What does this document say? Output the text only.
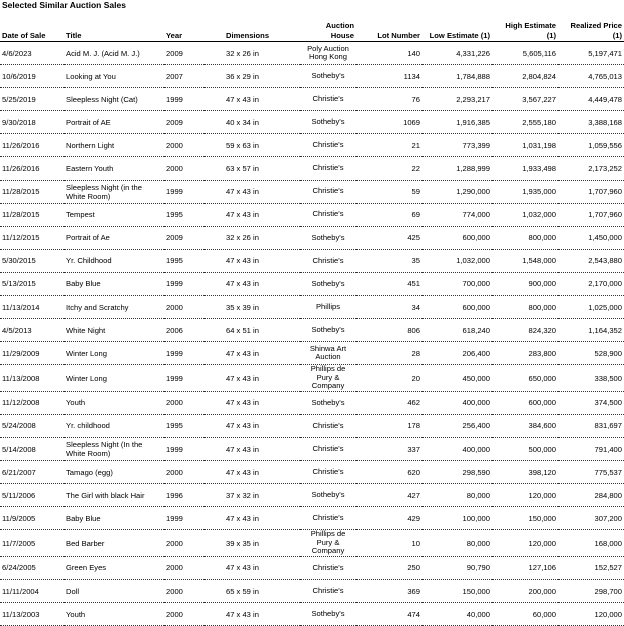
Selected Similar Auction Sales
Date of Sale	Title	Year	Dimensions	Auction House	Lot Number	Low Estimate (1)	High Estimate (1)	Realized Price (1)
4/6/2023	Acid M. J. (Acid M. J.)	2009	32 x 26 in	Poly Auction Hong Kong	140	4,331,226	5,605,116	5,197,471
10/6/2019	Looking at You	2007	36 x 29 in	Sotheby's	1134	1,784,888	2,804,824	4,765,013
5/25/2019	Sleepless Night (Cat)	1999	47 x 43 in	Christie's	76	2,293,217	3,567,227	4,449,478
9/30/2018	Portrait of AE	2009	40 x 34 in	Sotheby's	1069	1,916,385	2,555,180	3,388,168
11/26/2016	Northern Light	2000	59 x 63 in	Christie's	21	773,399	1,031,198	1,059,556
11/26/2016	Eastern Youth	2000	63 x 57 in	Christie's	22	1,288,999	1,933,498	2,173,252
11/28/2015	Sleepless Night (in the White Room)	1999	47 x 43 in	Christie's	59	1,290,000	1,935,000	1,707,960
11/28/2015	Tempest	1995	47 x 43 in	Christie's	69	774,000	1,032,000	1,707,960
11/12/2015	Portrait of Ae	2009	32 x 26 in	Sotheby's	425	600,000	800,000	1,450,000
5/30/2015	Yr. Childhood	1995	47 x 43 in	Christie's	35	1,032,000	1,548,000	2,543,880
5/13/2015	Baby Blue	1999	47 x 43 in	Sotheby's	451	700,000	900,000	2,170,000
11/13/2014	Itchy and Scratchy	2000	35 x 39 in	Phillips	34	600,000	800,000	1,025,000
4/5/2013	White Night	2006	64 x 51 in	Sotheby's	806	618,240	824,320	1,164,352
11/29/2009	Winter Long	1999	47 x 43 in	Shinwa Art Auction	28	206,400	283,800	528,900
11/13/2008	Winter Long	1999	47 x 43 in	Phillips de Pury & Company	20	450,000	650,000	338,500
11/12/2008	Youth	2000	47 x 43 in	Sotheby's	462	400,000	600,000	374,500
5/24/2008	Yr. childhood	1995	47 x 43 in	Christie's	178	256,400	384,600	831,697
5/14/2008	Sleepless Night (In the White Room)	1999	47 x 43 in	Christie's	337	400,000	500,000	791,400
6/21/2007	Tamago (egg)	2000	47 x 43 in	Christie's	620	298,590	398,120	775,537
5/11/2006	The Girl with black Hair	1996	37 x 32 in	Sotheby's	427	80,000	120,000	284,800
11/9/2005	Baby Blue	1999	47 x 43 in	Christie's	429	100,000	150,000	307,200
11/7/2005	Bed Barber	2000	39 x 35 in	Phillips de Pury & Company	10	80,000	120,000	168,000
6/24/2005	Green Eyes	2000	47 x 43 in	Christie's	250	90,790	127,106	152,527
11/11/2004	Doll	2000	65 x 59 in	Christie's	369	150,000	200,000	298,700
11/13/2003	Youth	2000	47 x 43 in	Sotheby's	474	40,000	60,000	120,000
